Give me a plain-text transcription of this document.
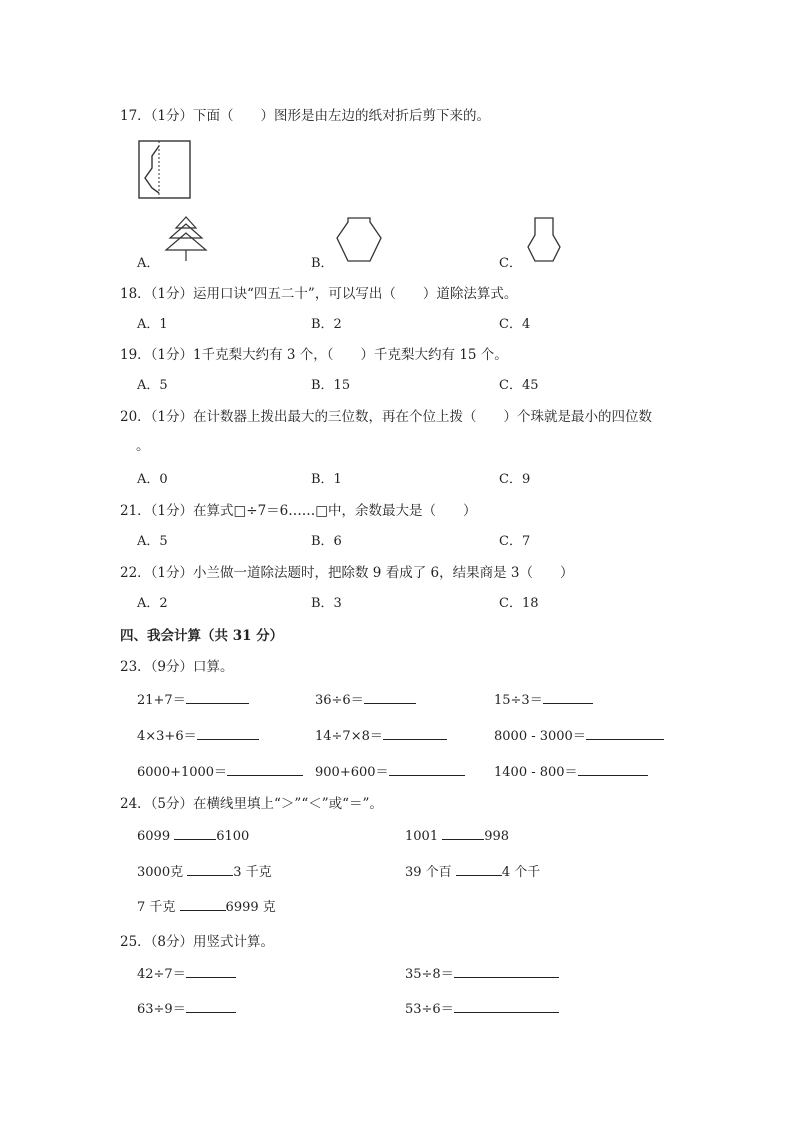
17．（1分）下面（　　）图形是由左边的纸对折后剪下来的。
A．	B．	C．
18．（1分）运用口诀“四五二十”，可以写出（　　）道除法算式。
A．1	B．2	C．4
19．（1分）1千克梨大约有 3 个，（　　）千克梨大约有 15 个。
A．5	B．15	C．45
20．（1分）在计数器上拨出最大的三位数，再在个位上拨（　　）个珠就是最小的四位数
。
A．0	B．1	C．9
21．（1分）在算式□÷7＝6……□中，余数最大是（　　）
A．5	B．6	C．7
22．（1分）小兰做一道除法题时，把除数 9 看成了 6，结果商是 3（　　）
A．2	B．3	C．18
四、我会计算（共 31 分）
23．（9分）口算。
21+7＝	36÷6＝	15÷3＝
4×3+6＝	14÷7×8＝	8000 - 3000＝
6000+1000＝	900+600＝	1400 - 800＝
24．（5分）在横线里填上“＞”“＜”或“＝”。
6099	6100	1001	998
3000克	3 千克	39 个百	4 个千
7 千克	6999 克
25．（8分）用竖式计算。
42÷7＝	35÷8＝
63÷9＝	53÷6＝
